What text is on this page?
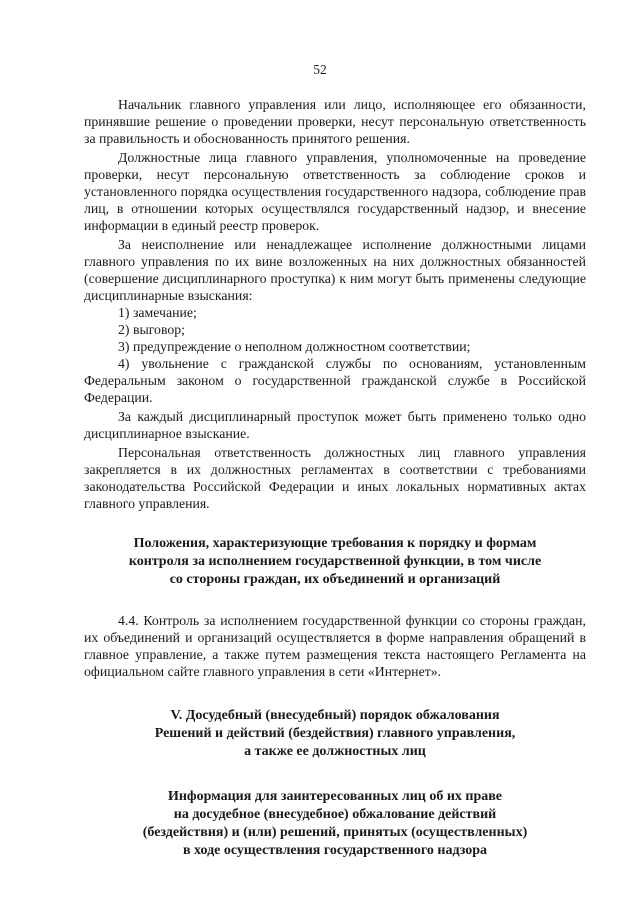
52

Начальник главного управления или лицо, исполняющее его обязанности, принявшие решение о проведении проверки, несут персональную ответственность за правильность и обоснованность принятого решения.

Должностные лица главного управления, уполномоченные на проведение проверки, несут персональную ответственность за соблюдение сроков и установленного порядка осуществления государственного надзора, соблюдение прав лиц, в отношении которых осуществлялся государственный надзор, и внесение информации в единый реестр проверок.

За неисполнение или ненадлежащее исполнение должностными лицами главного управления по их вине возложенных на них должностных обязанностей (совершение дисциплинарного проступка) к ним могут быть применены следующие дисциплинарные взыскания:

1) замечание;

2) выговор;

3) предупреждение о неполном должностном соответствии;

4) увольнение с гражданской службы по основаниям, установленным Федеральным законом о государственной гражданской службе в Российской Федерации.

За каждый дисциплинарный проступок может быть применено только одно дисциплинарное взыскание.

Персональная ответственность должностных лиц главного управления закрепляется в их должностных регламентах в соответствии с требованиями законодательства Российской Федерации и иных локальных нормативных актах главного управления.

Положения, характеризующие требования к порядку и формам
контроля за исполнением государственной функции, в том числе
со стороны граждан, их объединений и организаций

4.4. Контроль за исполнением государственной функции со стороны граждан, их объединений и организаций осуществляется в форме направления обращений в главное управление, а также путем размещения текста настоящего Регламента на официальном сайте главного управления в сети «Интернет».

V. Досудебный (внесудебный) порядок обжалования
Решений и действий (бездействия) главного управления,
а также ее должностных лиц
Информация для заинтересованных лиц об их праве
на досудебное (внесудебное) обжалование действий
(бездействия) и (или) решений, принятых (осуществленных)
в ходе осуществления государственного надзора
